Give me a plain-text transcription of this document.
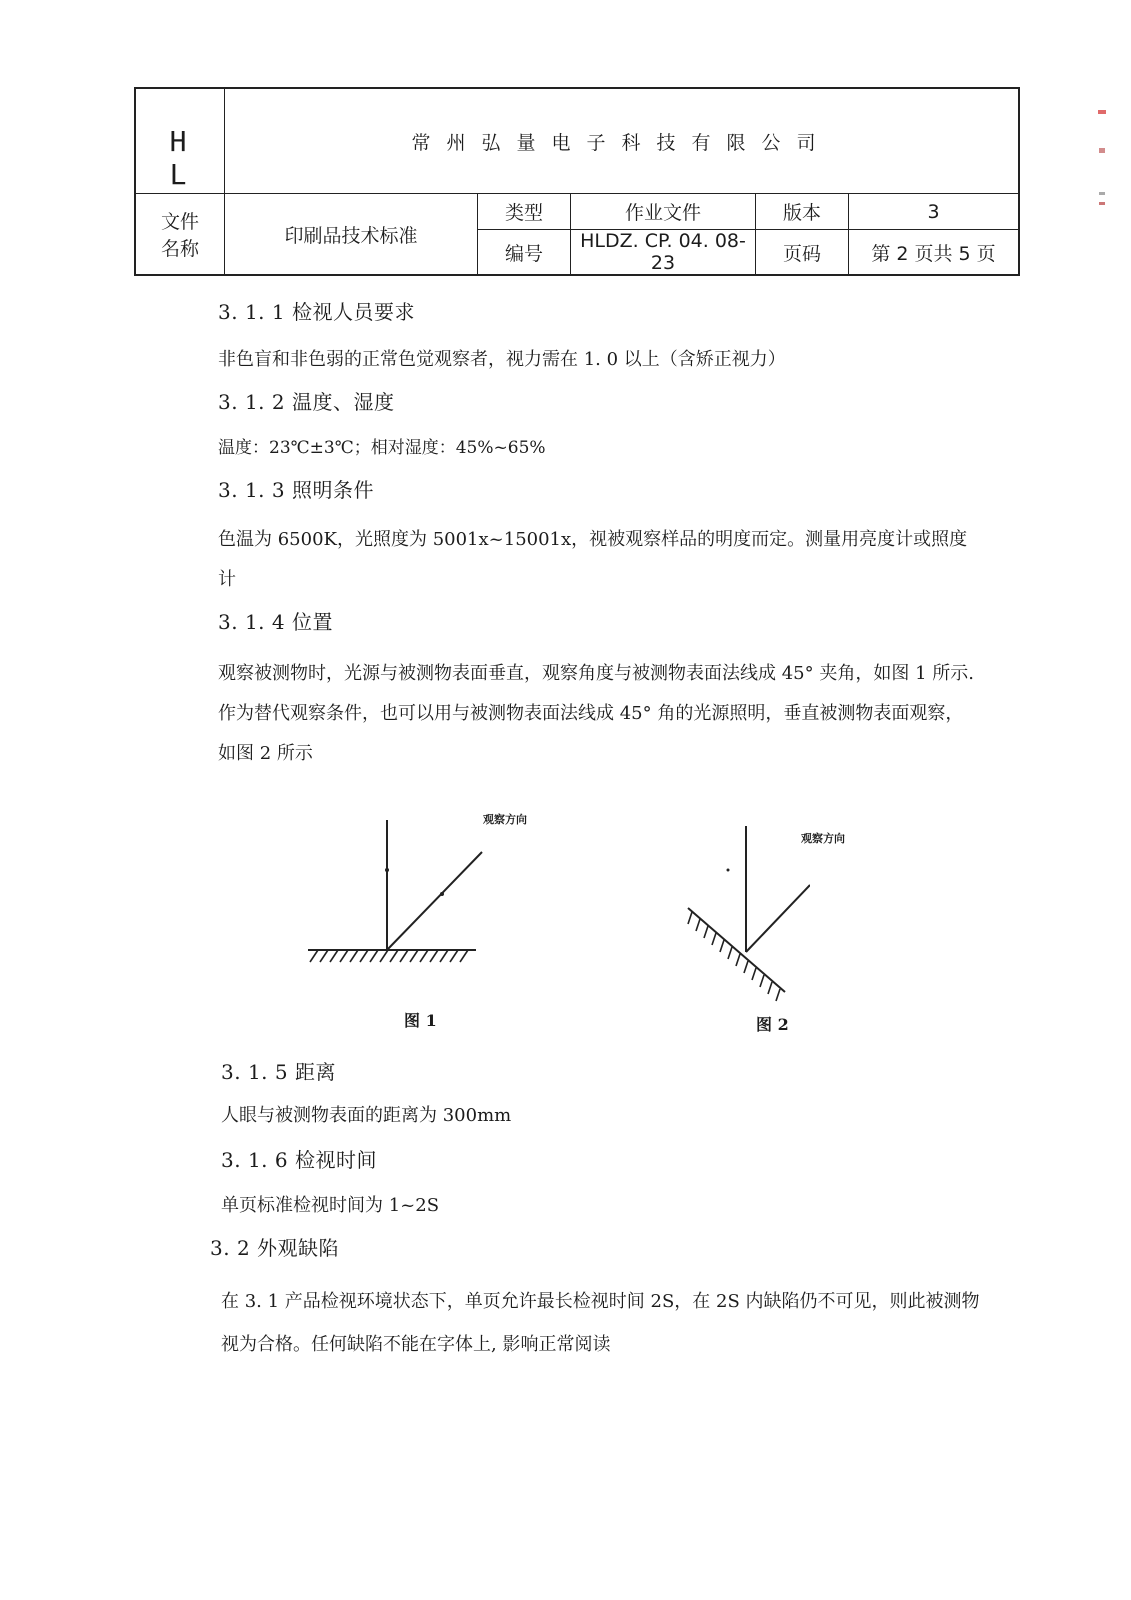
H L	常州弘量电子科技有限公司				

文件名称	印刷品技术标准	类型	作业文件	版本	3
		编号	HLDZ. CP. 04. 08-23	页码	第 2 页共 5 页
3. 1. 1 检视人员要求
非色盲和非色弱的正常色觉观察者，视力需在 1. 0 以上（含矫正视力）
3. 1. 2 温度、湿度
温度：23℃±3℃；相对湿度：45%~65%
3. 1. 3 照明条件
色温为 6500K，光照度为 5001x~15001x，视被观察样品的明度而定。测量用亮度计或照度计
3. 1. 4 位置
观察被测物时，光源与被测物表面垂直，观察角度与被测物表面法线成 45° 夹角，如图 1 所示. 作为替代观察条件，也可以用与被测物表面法线成 45° 角的光源照明，垂直被测物表面观察，如图 2 所示
观察方向
观察方向
图 1	图 2
3. 1. 5 距离
人眼与被测物表面的距离为 300mm
3. 1. 6 检视时间
单页标准检视时间为 1~2S
3. 2 外观缺陷
在 3. 1 产品检视环境状态下，单页允许最长检视时间 2S，在 2S 内缺陷仍不可见，则此被测物视为合格。任何缺陷不能在字体上, 影响正常阅读
